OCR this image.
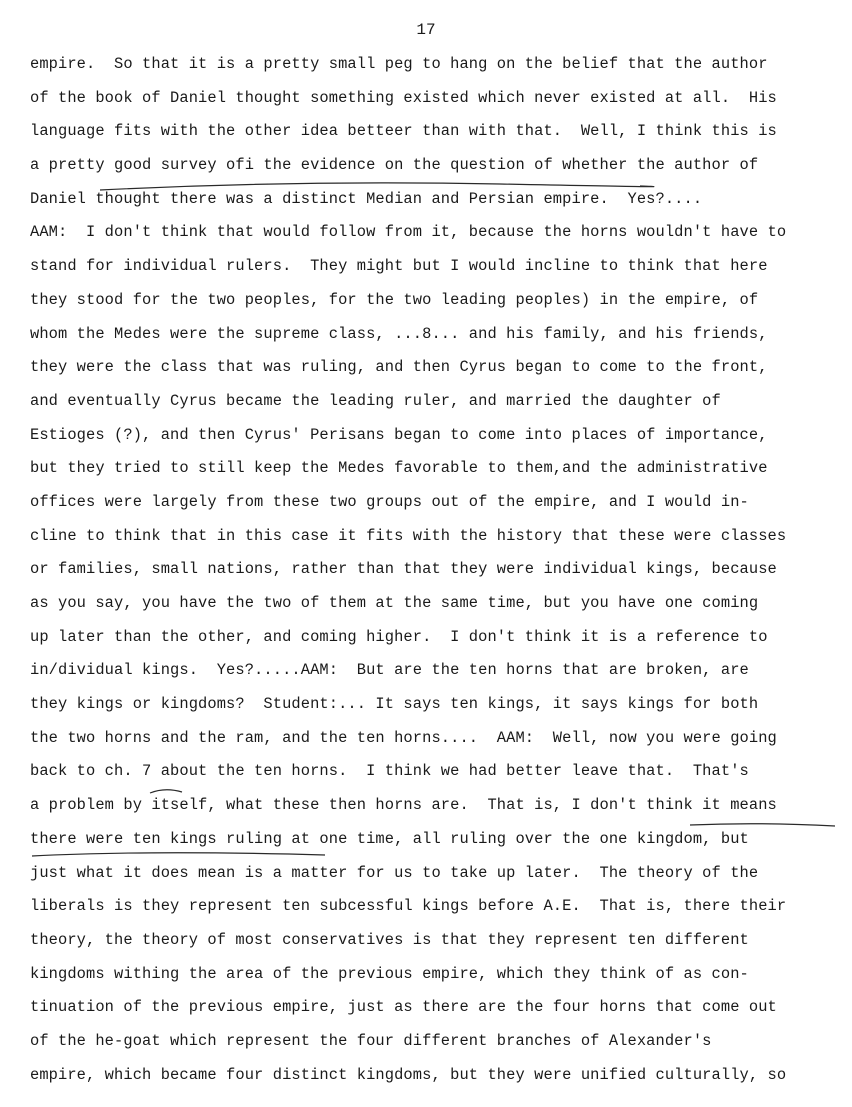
17
empire.  So that it is a pretty small peg to hang on the belief that the author
of the book of Daniel thought something existed which never existed at all.  His
language fits with the other idea betteer than with that.  Well, I think this is
a pretty good survey ofi the evidence on the question of whether the author of
Daniel thought there was a distinct Median and Persian empire.  Yes?....
AAM:  I don't think that would follow from it, because the horns wouldn't have to
stand for individual rulers.  They might but I would incline to think that here
they stood for the two peoples, for the two leading peoples) in the empire, of
whom the Medes were the supreme class, ...8... and his family, and his friends,
they were the class that was ruling, and then Cyrus began to come to the front,
and eventually Cyrus became the leading ruler, and married the daughter of
Estioges (?), and then Cyrus' Perisans began to come into places of importance,
but they tried to still keep the Medes favorable to them,and the administrative
offices were largely from these two groups out of the empire, and I would in-
cline to think that in this case it fits with the history that these were classes
or families, small nations, rather than that they were individual kings, because
as you say, you have the two of them at the same time, but you have one coming
up later than the other, and coming higher.  I don't think it is a reference to
in/dividual kings.  Yes?.....AAM:  But are the ten horns that are broken, are
they kings or kingdoms?  Student:... It says ten kings, it says kings for both
the two horns and the ram, and the ten horns....  AAM:  Well, now you were going
back to ch. 7 about the ten horns.  I think we had better leave that.  That's
a problem by itself, what these then horns are.  That is, I don't think it means
there were ten kings ruling at one time, all ruling over the one kingdom, but
just what it does mean is a matter for us to take up later.  The theory of the
liberals is they represent ten subcessful kings before A.E.  That is, there their
theory, the theory of most conservatives is that they represent ten different
kingdoms withing the area of the previous empire, which they think of as con-
tinuation of the previous empire, just as there are the four horns that come out
of the he-goat which represent the four different branches of Alexander's
empire, which became four distinct kingdoms, but they were unified culturally, so
